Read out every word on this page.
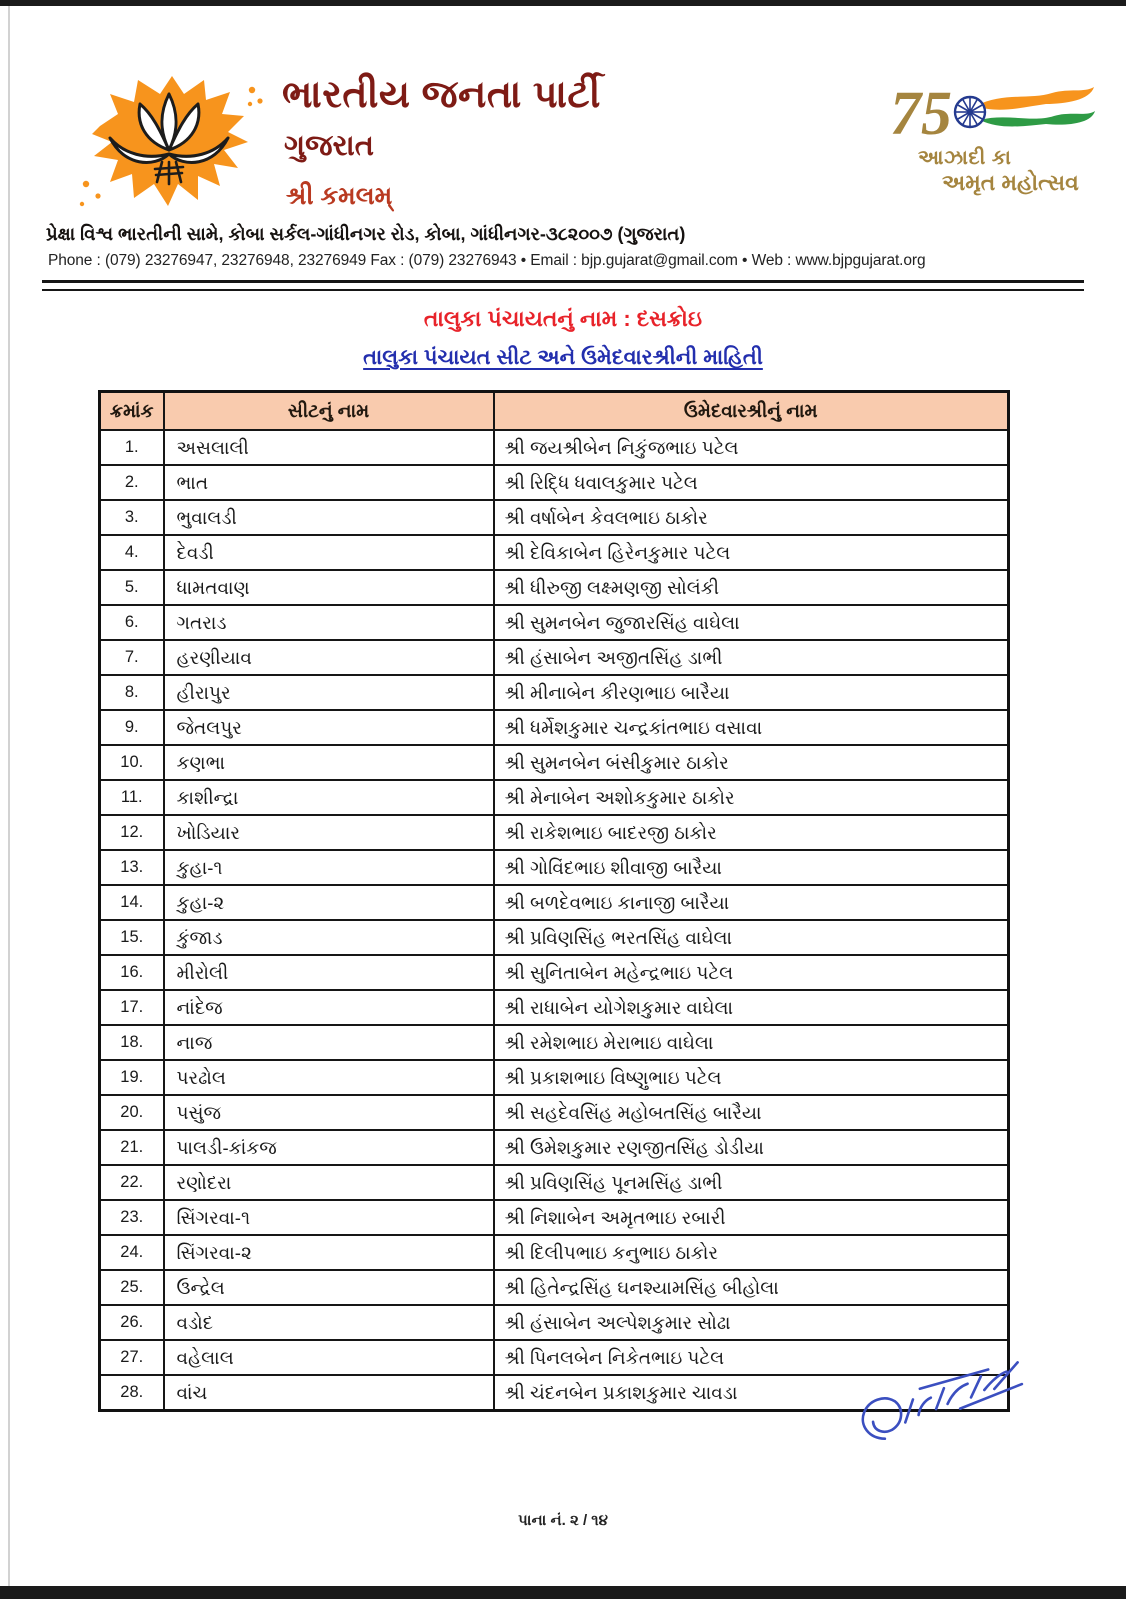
ભારતીય જનતા પાર્ટી
ગુજરાત
શ્રી કમલમ્
75
આઝાદી કા
અમૃત મહોત્સવ
પ્રેક્ષા વિશ્વ ભારતીની સામે, કોબા સર્કલ-ગાંધીનગર રોડ, કોબા, ગાંધીનગર-૩૮૨૦૦૭ (ગુજરાત)
Phone : (079) 23276947, 23276948, 23276949 Fax : (079) 23276943 • Email : bjp.gujarat@gmail.com • Web : www.bjpgujarat.org
તાલુકા પંચાયતનું નામ : દસક્રોઇ
તાલુકા પંચાયત સીટ અને ઉમેદવારશ્રીની માહિતી
ક્રમાંક	સીટનું નામ	ઉમેદવારશ્રીનું નામ
1.	અસલાલી	શ્રી જયશ્રીબેન નિકુંજભાઇ પટેલ
2.	ભાત	શ્રી રિદ્ધિ ધવાલકુમાર પટેલ
3.	ભુવાલડી	શ્રી વર્ષાબેન કેવલભાઇ ઠાકોર
4.	દેવડી	શ્રી દેવિકાબેન હિરેનકુમાર પટેલ
5.	ધામતવાણ	શ્રી ધીરુજી લક્ષ્મણજી સોલંકી
6.	ગતરાડ	શ્રી સુમનબેન જુજારસિંહ વાઘેલા
7.	હરણીયાવ	શ્રી હંસાબેન અજીતસિંહ ડાભી
8.	હીરાપુર	શ્રી મીનાબેન કીરણભાઇ બારૈયા
9.	જેતલપુર	શ્રી ધર્મેશકુમાર ચન્દ્રકાંતભાઇ વસાવા
10.	કણભા	શ્રી સુમનબેન બંસીકુમાર ઠાકોર
11.	કાશીન્દ્રા	શ્રી મેનાબેન અશોકકુમાર ઠાકોર
12.	ખોડિયાર	શ્રી રાકેશભાઇ બાદરજી ઠાકોર
13.	કુહા-૧	શ્રી ગોવિંદભાઇ શીવાજી બારૈયા
14.	કુહા-૨	શ્રી બળદેવભાઇ કાનાજી બારૈયા
15.	કુંજાડ	શ્રી પ્રવિણસિંહ ભરતસિંહ વાઘેલા
16.	મીરોલી	શ્રી સુનિતાબેન મહેન્દ્રભાઇ પટેલ
17.	નાંદેજ	શ્રી રાધાબેન યોગેશકુમાર વાઘેલા
18.	નાજ	શ્રી રમેશભાઇ મેરાભાઇ વાઘેલા
19.	પરઢોલ	શ્રી પ્રકાશભાઇ વિષ્ણુભાઇ પટેલ
20.	પસુંજ	શ્રી સહદેવસિંહ મહોબતસિંહ બારૈયા
21.	પાલડી-કાંકજ	શ્રી ઉમેશકુમાર રણજીતસિંહ ડોડીયા
22.	રણોદરા	શ્રી પ્રવિણસિંહ પૂનમસિંહ ડાભી
23.	સિંગરવા-૧	શ્રી નિશાબેન અમૃતભાઇ રબારી
24.	સિંગરવા-૨	શ્રી દિલીપભાઇ કનુભાઇ ઠાકોર
25.	ઉન્દ્રેલ	શ્રી હિતેન્દ્રસિંહ ઘનશ્યામસિંહ બીહોલા
26.	વડોદ	શ્રી હંસાબેન અલ્પેશકુમાર સોઢા
27.	વહેલાલ	શ્રી પિનલબેન નિકેતભાઇ પટેલ
28.	વાંચ	શ્રી ચંદનબેન પ્રકાશકુમાર ચાવડા
પાના નં. ૨ / ૧૪
